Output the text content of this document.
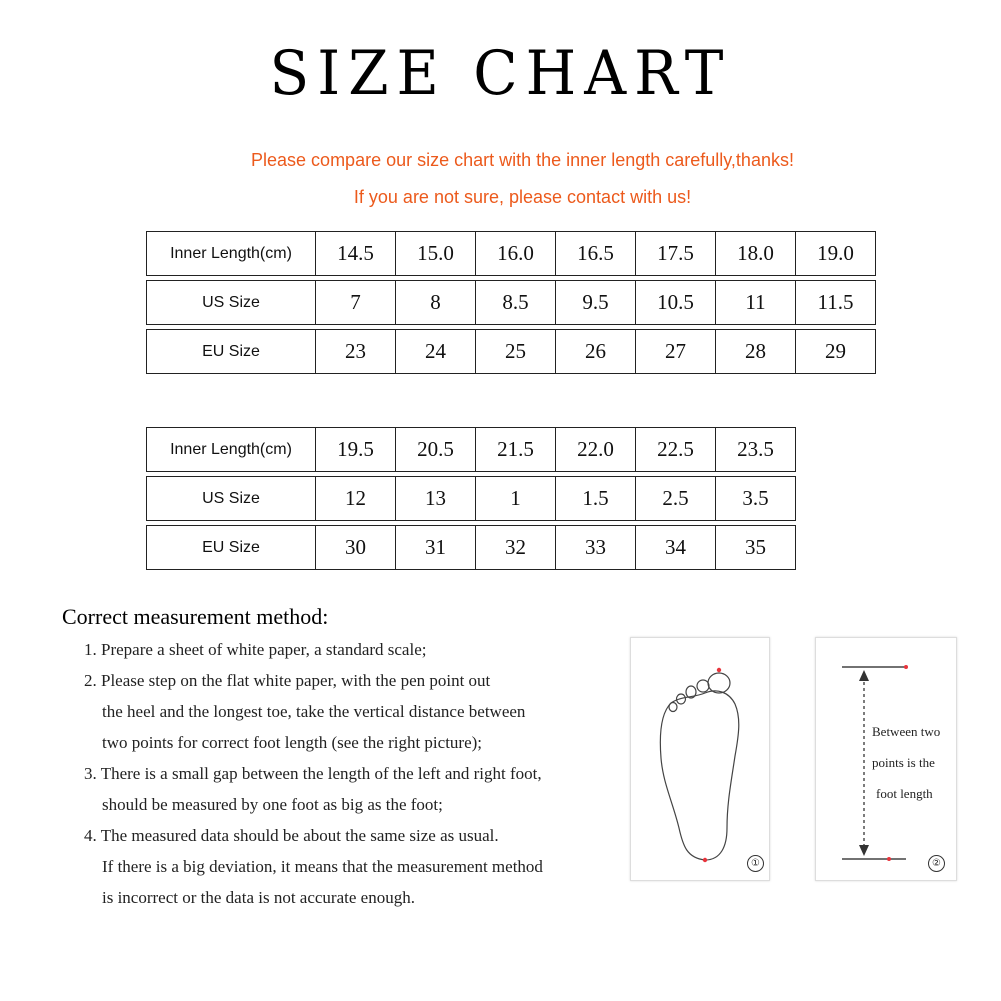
SIZE CHART
Please compare our size chart with the inner length carefully,thanks!
If you are not sure, please contact with us!
Inner Length(cm)	14.5	15.0	16.0	16.5	17.5	18.0	19.0
US Size	7	8	8.5	9.5	10.5	11	11.5
EU Size	23	24	25	26	27	28	29
Inner Length(cm)	19.5	20.5	21.5	22.0	22.5	23.5
US Size	12	13	1	1.5	2.5	3.5
EU Size	30	31	32	33	34	35
Correct measurement method:
1. Prepare a sheet of white paper, a standard scale;
2. Please step on the flat white paper, with the pen point out
the heel and the longest toe, take the vertical distance between
two points for correct foot length (see the right picture);
3. There is a small gap between the length of the left and right foot,
should be measured by one foot as big as the foot;
4. The measured data should be about the same size as usual.
If there is a big deviation, it means that the measurement method
is incorrect or the data is not accurate enough.
①
Between two
points is the
foot length
②
